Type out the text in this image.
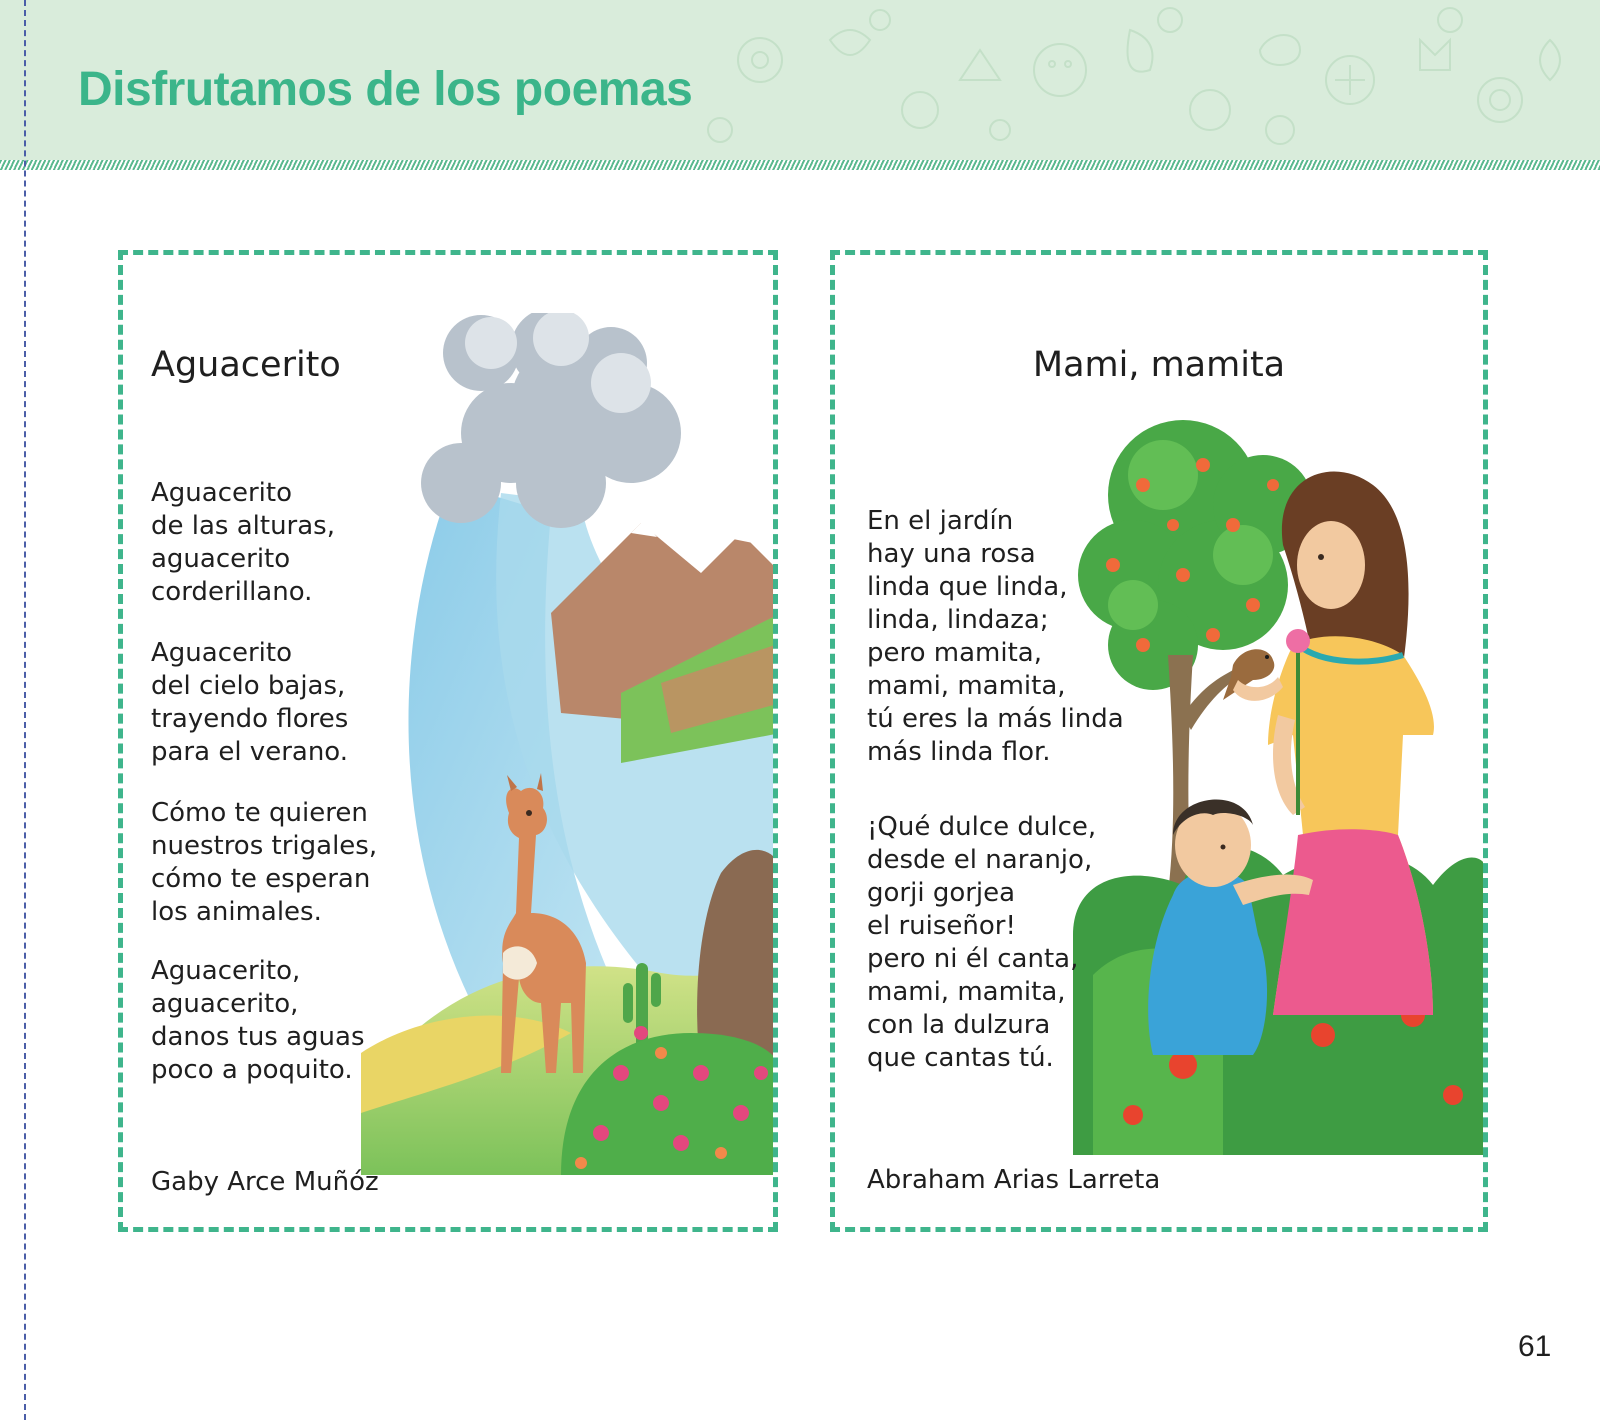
Disfrutamos de los poemas
Aguacerito

Aguacerito
de las alturas,
aguacerito
corderillano.

Aguacerito
del cielo bajas,
trayendo flores
para el verano.

Cómo te quieren
nuestros trigales,
cómo te esperan
los animales.

Aguacerito,
aguacerito,
danos tus aguas
poco a poquito.

Gaby Arce Muñóz
Mami, mamita

En el jardín
hay una rosa
linda que linda,
linda, lindaza;
pero mamita,
mami, mamita,
tú eres la más linda
más linda flor.

¡Qué dulce dulce,
desde el naranjo,
gorji gorjea
el ruiseñor!
pero ni él canta,
mami, mamita,
con la dulzura
que cantas tú.

Abraham Arias Larreta
61
